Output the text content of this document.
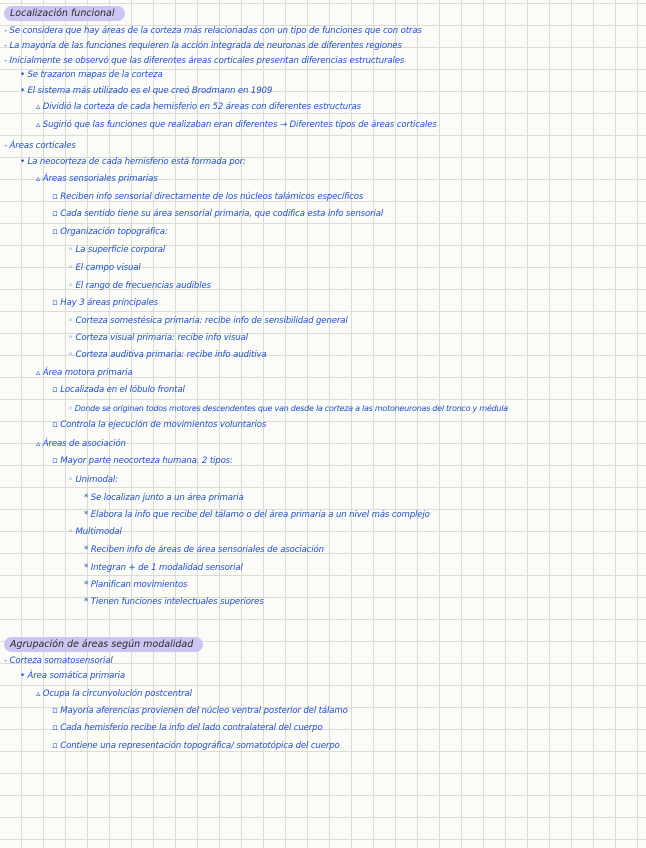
Localización funcional
- Se considera que hay áreas de la corteza más relacionadas con un tipo de funciones que con otras
- La mayoría de las funciones requieren la acción integrada de neuronas de diferentes regiones
- Inicialmente se observó que las diferentes áreas corticales presentan diferencias estructurales
• Se trazaron mapas de la corteza
• El sistema más utilizado es el que creó Brodmann en 1909
▵ Dividió la corteza de cada hemisferio en 52 áreas con diferentes estructuras
▵ Sugirió que las funciones que realizaban eran diferentes → Diferentes tipos de áreas corticales
- Áreas corticales
• La neocorteza de cada hemisferio está formada por:
▵ Áreas sensoriales primarias
▫ Reciben info sensorial directamente de los núcleos talámicos específicos
▫ Cada sentido tiene su área sensorial primaria, que codifica esta info sensorial
▫ Organización topográfica:
◦ La superficie corporal
◦ El campo visual
◦ El rango de frecuencias audibles
▫ Hay 3 áreas principales
◦ Corteza somestésica primaria: recibe info de sensibilidad general
◦ Corteza visual primaria: recibe info visual
◦ Corteza auditiva primaria: recibe info auditiva
▵ Área motora primaria
▫ Localizada en el lóbulo frontal
◦ Donde se originan todos motores descendentes que van desde la corteza a las motoneuronas del tronco y médula
▫ Controla la ejecución de movimientos voluntarios
▵ Áreas de asociación
▫ Mayor parte neocorteza humana. 2 tipos:
◦ Unimodal:
* Se localizan junto a un área primaria
* Elabora la info que recibe del tálamo o del área primaria a un nivel más complejo
◦ Multimodal
* Reciben info de áreas de área sensoriales de asociación
* Integran + de 1 modalidad sensorial
* Planifican movimientos
* Tienen funciones intelectuales superiores
Agrupación de áreas según modalidad
- Corteza somatosensorial
• Área somática primaria
▵ Ocupa la circunvolución postcentral
▫ Mayoría aferencias provienen del núcleo ventral posterior del tálamo
▫ Cada hemisferio recibe la info del lado contralateral del cuerpo
▫ Contiene una representación topográfica/ somatotópica del cuerpo
